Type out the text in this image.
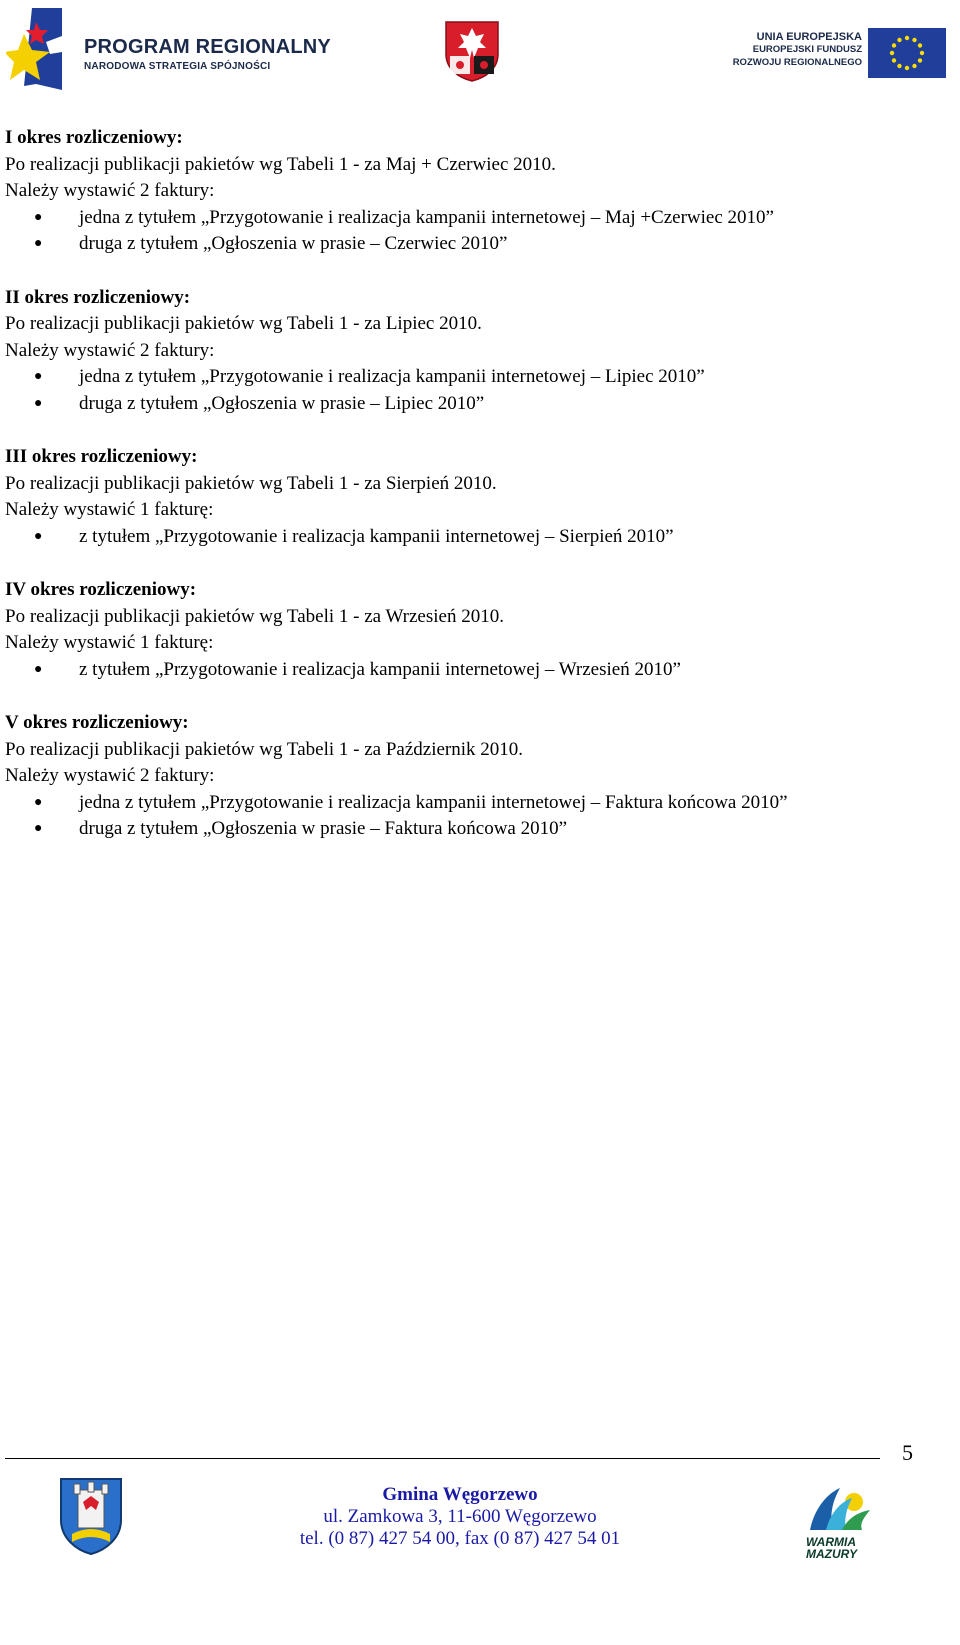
PROGRAM REGIONALNY
NARODOWA STRATEGIA SPÓJNOŚCI
UNIA EUROPEJSKA
EUROPEJSKI FUNDUSZ
ROZWOJU REGIONALNEGO
I okres rozliczeniowy:
Po realizacji publikacji pakietów wg Tabeli 1 - za Maj + Czerwiec 2010.
Należy wystawić 2 faktury:
● jedna z tytułem „Przygotowanie i realizacja kampanii internetowej – Maj +Czerwiec 2010”
● druga z tytułem „Ogłoszenia w prasie – Czerwiec 2010”
II okres rozliczeniowy:
Po realizacji publikacji pakietów wg Tabeli 1 - za Lipiec 2010.
Należy wystawić 2 faktury:
● jedna z tytułem „Przygotowanie i realizacja kampanii internetowej – Lipiec 2010”
● druga z tytułem „Ogłoszenia w prasie – Lipiec 2010”
III okres rozliczeniowy:
Po realizacji publikacji pakietów wg Tabeli 1 - za Sierpień 2010.
Należy wystawić 1 fakturę:
● z tytułem „Przygotowanie i realizacja kampanii internetowej – Sierpień 2010”
IV okres rozliczeniowy:
Po realizacji publikacji pakietów wg Tabeli 1 - za Wrzesień 2010.
Należy wystawić 1 fakturę:
● z tytułem „Przygotowanie i realizacja kampanii internetowej – Wrzesień 2010”
V okres rozliczeniowy:
Po realizacji publikacji pakietów wg Tabeli 1 - za Październik 2010.
Należy wystawić 2 faktury:
● jedna z tytułem „Przygotowanie i realizacja kampanii internetowej – Faktura końcowa 2010”
● druga z tytułem „Ogłoszenia w prasie – Faktura końcowa 2010”
5
Gmina Węgorzewo
ul. Zamkowa 3, 11-600 Węgorzewo
tel. (0 87) 427 54 00, fax (0 87) 427 54 01	WARMIA
MAZURY
